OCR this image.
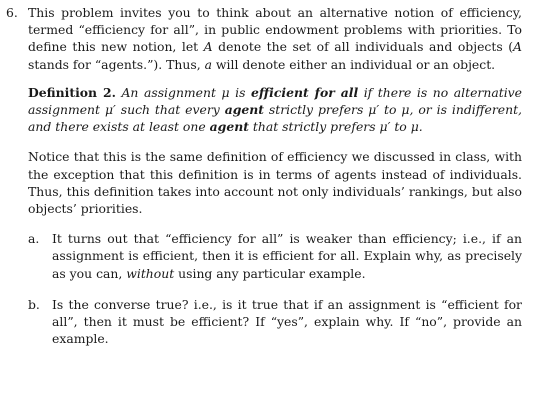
6. This problem invites you to think about an alternative notion of efficiency, termed “efficiency for all”, in public endowment problems with priorities. To define this new notion, let A denote the set of all individuals and objects (A stands for “agents.”). Thus, a will denote either an individual or an object.

Definition 2. An assignment μ is efficient for all if there is no alternative assignment μ′ such that every agent strictly prefers μ′ to μ, or is indifferent, and there exists at least one agent that strictly prefers μ′ to μ.

Notice that this is the same definition of efficiency we discussed in class, with the exception that this definition is in terms of agents instead of individuals. Thus, this definition takes into account not only individuals’ rankings, but also objects’ priorities.

a. It turns out that “efficiency for all” is weaker than efficiency; i.e., if an assignment is efficient, then it is efficient for all. Explain why, as precisely as you can, without using any particular example.
b. Is the converse true? i.e., is it true that if an assignment is “efficient for all”, then it must be efficient? If “yes”, explain why. If “no”, provide an example.
